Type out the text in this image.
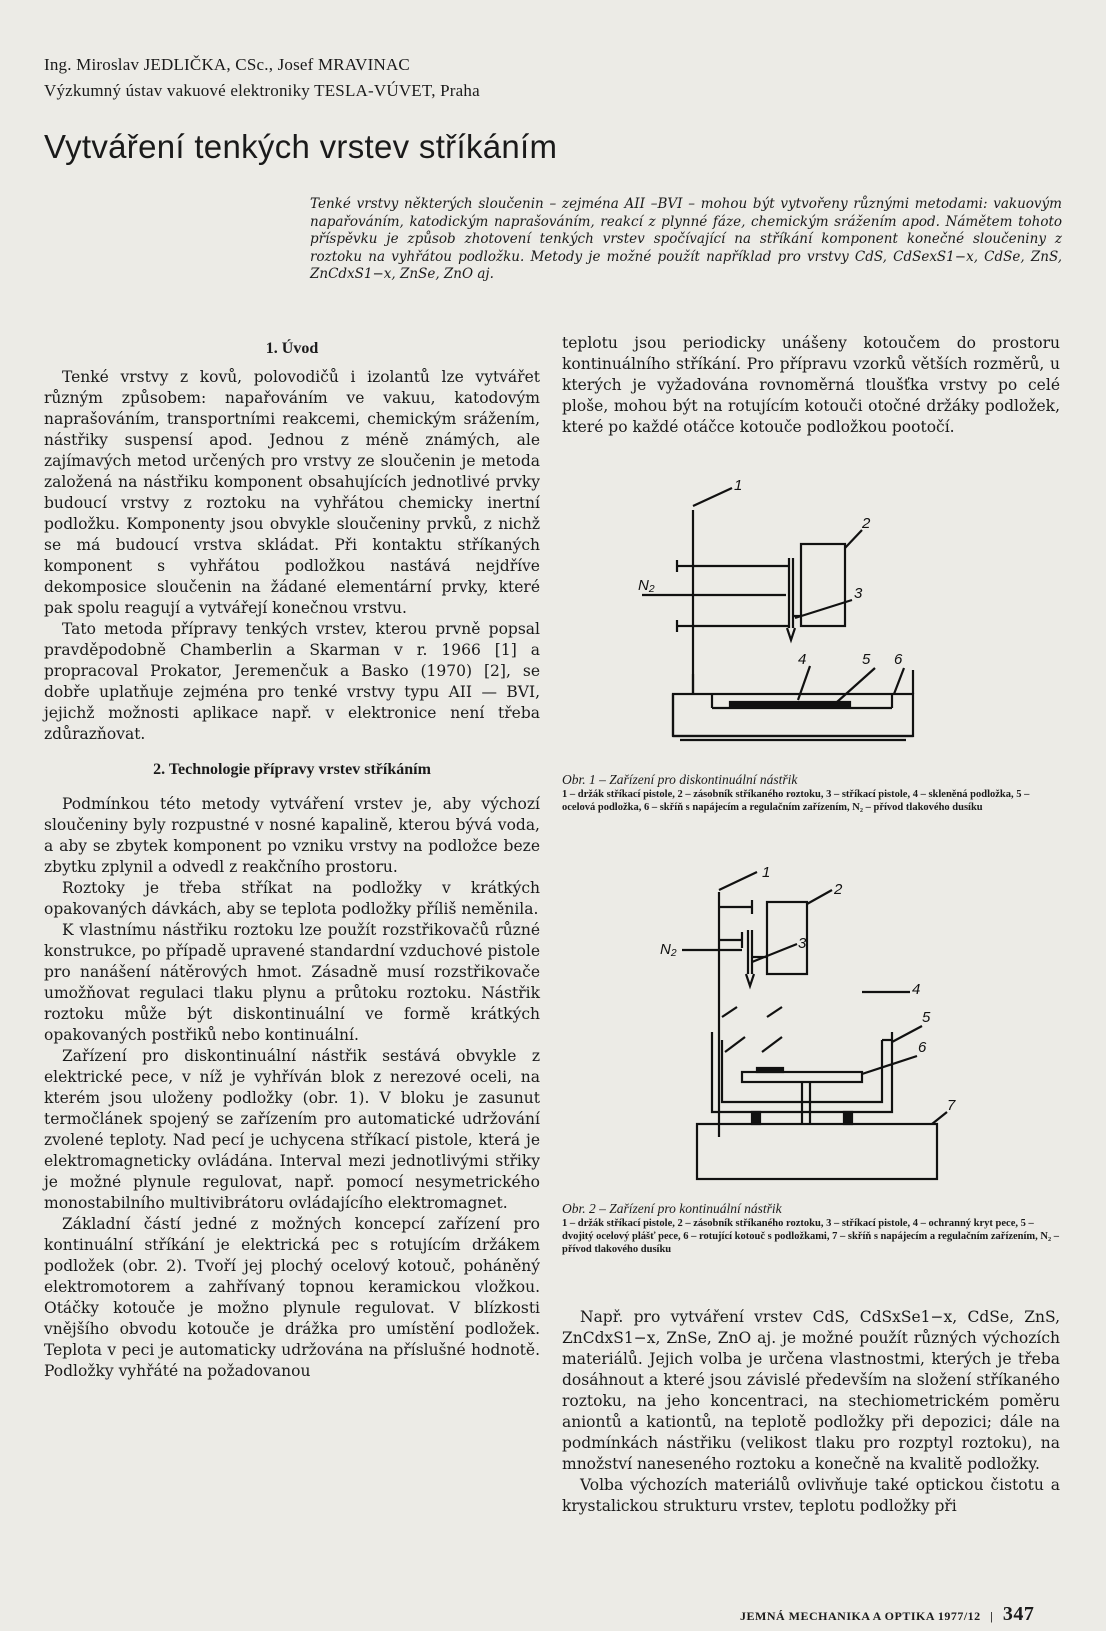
Ing. Miroslav JEDLIČKA, CSc., Josef MRAVINAC
Výzkumný ústav vakuové elektroniky TESLA-VÚVET, Praha
Vytváření tenkých vrstev stříkáním

Tenké vrstvy některých sloučenin – zejména AII –BVI – mohou být vytvořeny různými metodami: vakuovým napařováním, katodickým naprašováním, reakcí z plynné fáze, chemickým srážením apod. Námětem tohoto příspěvku je způsob zhotovení tenkých vrstev spočívající na stříkání komponent konečné sloučeniny z roztoku na vyhřátou podložku. Metody je možné použít například pro vrstvy CdS, CdSexS1−x, CdSe, ZnS, ZnCdxS1−x, ZnSe, ZnO aj.

1. Úvod

Tenké vrstvy z kovů, polovodičů i izolantů lze vytvářet různým způsobem: napařováním ve vakuu, katodovým naprašováním, transportními reakcemi, chemickým srážením, nástřiky suspensí apod. Jednou z méně známých, ale zajímavých metod určených pro vrstvy ze sloučenin je metoda založená na nástřiku komponent obsahujících jednotlivé prvky budoucí vrstvy z roztoku na vyhřátou chemicky inertní podložku. Komponenty jsou obvykle sloučeniny prvků, z nichž se má budoucí vrstva skládat. Při kontaktu stříkaných komponent s vyhřátou podložkou nastává nejdříve dekomposice sloučenin na žádané elementární prvky, které pak spolu reagují a vytvářejí konečnou vrstvu.

Tato metoda přípravy tenkých vrstev, kterou prvně popsal pravděpodobně Chamberlin a Skarman v r. 1966 [1] a propracoval Prokator, Jeremenčuk a Basko (1970) [2], se dobře uplatňuje zejména pro tenké vrstvy typu AII — BVI, jejichž možnosti aplikace např. v elektronice není třeba zdůrazňovat.

2. Technologie přípravy vrstev stříkáním

Podmínkou této metody vytváření vrstev je, aby výchozí sloučeniny byly rozpustné v nosné kapalině, kterou bývá voda, a aby se zbytek komponent po vzniku vrstvy na podložce beze zbytku zplynil a odvedl z reakčního prostoru.

Roztoky je třeba stříkat na podložky v krátkých opakovaných dávkách, aby se teplota podložky příliš neměnila.

K vlastnímu nástřiku roztoku lze použít rozstřikovačů různé konstrukce, po případě upravené standardní vzduchové pistole pro nanášení nátěrových hmot. Zásadně musí rozstřikovače umožňovat regulaci tlaku plynu a průtoku roztoku. Nástřik roztoku může být diskontinuální ve formě krátkých opakovaných postřiků nebo kontinuální.

Zařízení pro diskontinuální nástřik sestává obvykle z elektrické pece, v níž je vyhříván blok z nerezové oceli, na kterém jsou uloženy podložky (obr. 1). V bloku je zasunut termočlánek spojený se zařízením pro automatické udržování zvolené teploty. Nad pecí je uchycena stříkací pistole, která je elektromagneticky ovládána. Interval mezi jednotlivými střiky je možné plynule regulovat, např. pomocí nesymetrického monostabilního multivibrátoru ovládajícího elektromagnet.

Základní částí jedné z možných koncepcí zařízení pro kontinuální stříkání je elektrická pec s rotujícím držákem podložek (obr. 2). Tvoří jej plochý ocelový kotouč, poháněný elektromotorem a zahřívaný topnou keramickou vložkou. Otáčky kotouče je možno plynule regulovat. V blízkosti vnějšího obvodu kotouče je drážka pro umístění podložek. Teplota v peci je automaticky udržována na příslušné hodnotě. Podložky vyhřáté na požadovanou

teplotu jsou periodicky unášeny kotoučem do prostoru kontinuálního stříkání. Pro přípravu vzorků větších rozměrů, u kterých je vyžadována rovnoměrná tloušťka vrstvy po celé ploše, mohou být na rotujícím kotouči otočné držáky podložek, které po každé otáčce kotouče podložkou pootočí.

1
2
3
4	5 6
N₂

Obr. 1 – Zařízení pro diskontinuální nástřik

1 – držák stříkací pistole, 2 – zásobník stříkaného roztoku, 3 – stříkací pistole, 4 – skleněná podložka, 5 – ocelová podložka, 6 – skříň s napájecím a regulačním zařízením, N₂ – přívod tlakového dusíku

1
2
3
4
5
6
7
N₂

Obr. 2 – Zařízení pro kontinuální nástřik

1 – držák stříkací pistole, 2 – zásobník stříkaného roztoku, 3 – stříkací pistole, 4 – ochranný kryt pece, 5 – dvojitý ocelový plášť pece, 6 – rotující kotouč s podložkami, 7 – skříň s napájecím a regulačním zařízením, N₂ – přívod tlakového dusíku

Např. pro vytváření vrstev CdS, CdSxSe1−x, CdSe, ZnS, ZnCdxS1−x, ZnSe, ZnO aj. je možné použít různých výchozích materiálů. Jejich volba je určena vlastnostmi, kterých je třeba dosáhnout a které jsou závislé především na složení stříkaného roztoku, na jeho koncentraci, na stechiometrickém poměru aniontů a kationtů, na teplotě podložky při depozici; dále na podmínkách nástřiku (velikost tlaku pro rozptyl roztoku), na množství naneseného roztoku a konečně na kvalitě podložky.

Volba výchozích materiálů ovlivňuje také optickou čistotu a krystalickou strukturu vrstev, teplotu podložky při

JEMNÁ MECHANIKA A OPTIKA 1977/12 | 347
